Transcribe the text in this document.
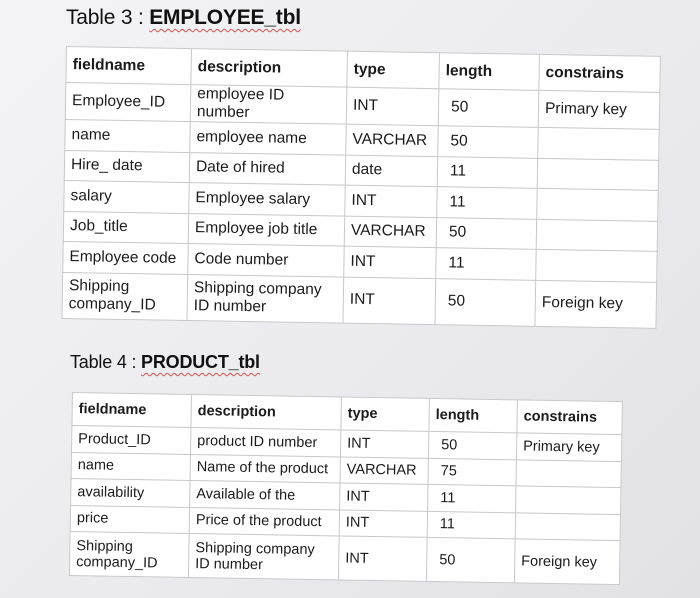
Table 3 : EMPLOYEE_tbl
fieldname	description	type	length	constrains
Employee_ID	employee ID number	INT	50	Primary key
name	employee name	VARCHAR	50	
Hire_ date	Date of hired	date	11	
salary	Employee salary	INT	11	
Job_title	Employee job title	VARCHAR	50	
Employee code	Code number	INT	11	
Shipping company_ID	Shipping company ID number	INT	50	Foreign key
Table 4 : PRODUCT_tbl
fieldname	description	type	length	constrains
Product_ID	product ID number	INT	50	Primary key
name	Name of the product	VARCHAR	75	
availability	Available of the	INT	11	
price	Price of the product	INT	11	
Shipping company_ID	Shipping company ID number	INT	50	Foreign key
